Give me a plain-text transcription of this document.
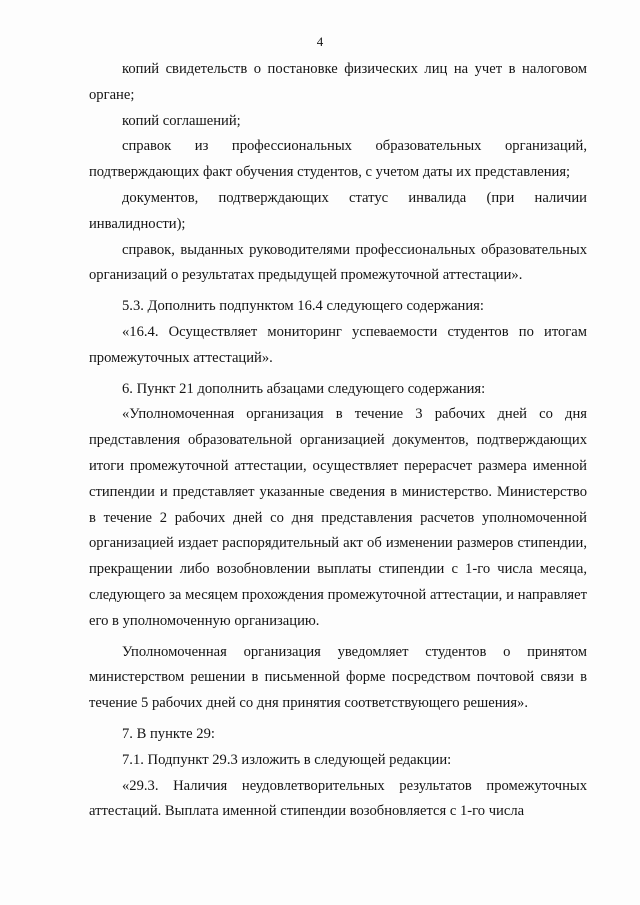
4

копий свидетельств о постановке физических лиц на учет в налоговом органе;

копий соглашений;

справок из профессиональных образовательных организаций, подтверждающих факт обучения студентов, с учетом даты их представления;

документов, подтверждающих статус инвалида (при наличии инвалидности);

справок, выданных руководителями профессиональных образовательных организаций о результатах предыдущей промежуточной аттестации».

5.3. Дополнить подпунктом 16.4 следующего содержания:

«16.4. Осуществляет мониторинг успеваемости студентов по итогам промежуточных аттестаций».

6. Пункт 21 дополнить абзацами следующего содержания:

«Уполномоченная организация в течение 3 рабочих дней со дня представления образовательной организацией документов, подтверждающих итоги промежуточной аттестации, осуществляет перерасчет размера именной стипендии и представляет указанные сведения в министерство. Министерство в течение 2 рабочих дней со дня представления расчетов уполномоченной организацией издает распорядительный акт об изменении размеров стипендии, прекращении либо возобновлении выплаты стипендии с 1-го числа месяца, следующего за месяцем прохождения промежуточной аттестации, и направляет его в уполномоченную организацию.

Уполномоченная организация уведомляет студентов о принятом министерством решении в письменной форме посредством почтовой связи в течение 5 рабочих дней со дня принятия соответствующего решения».

7. В пункте 29:

7.1. Подпункт 29.3 изложить в следующей редакции:

«29.3. Наличия неудовлетворительных результатов промежуточных аттестаций. Выплата именной стипендии возобновляется с 1-го числа
